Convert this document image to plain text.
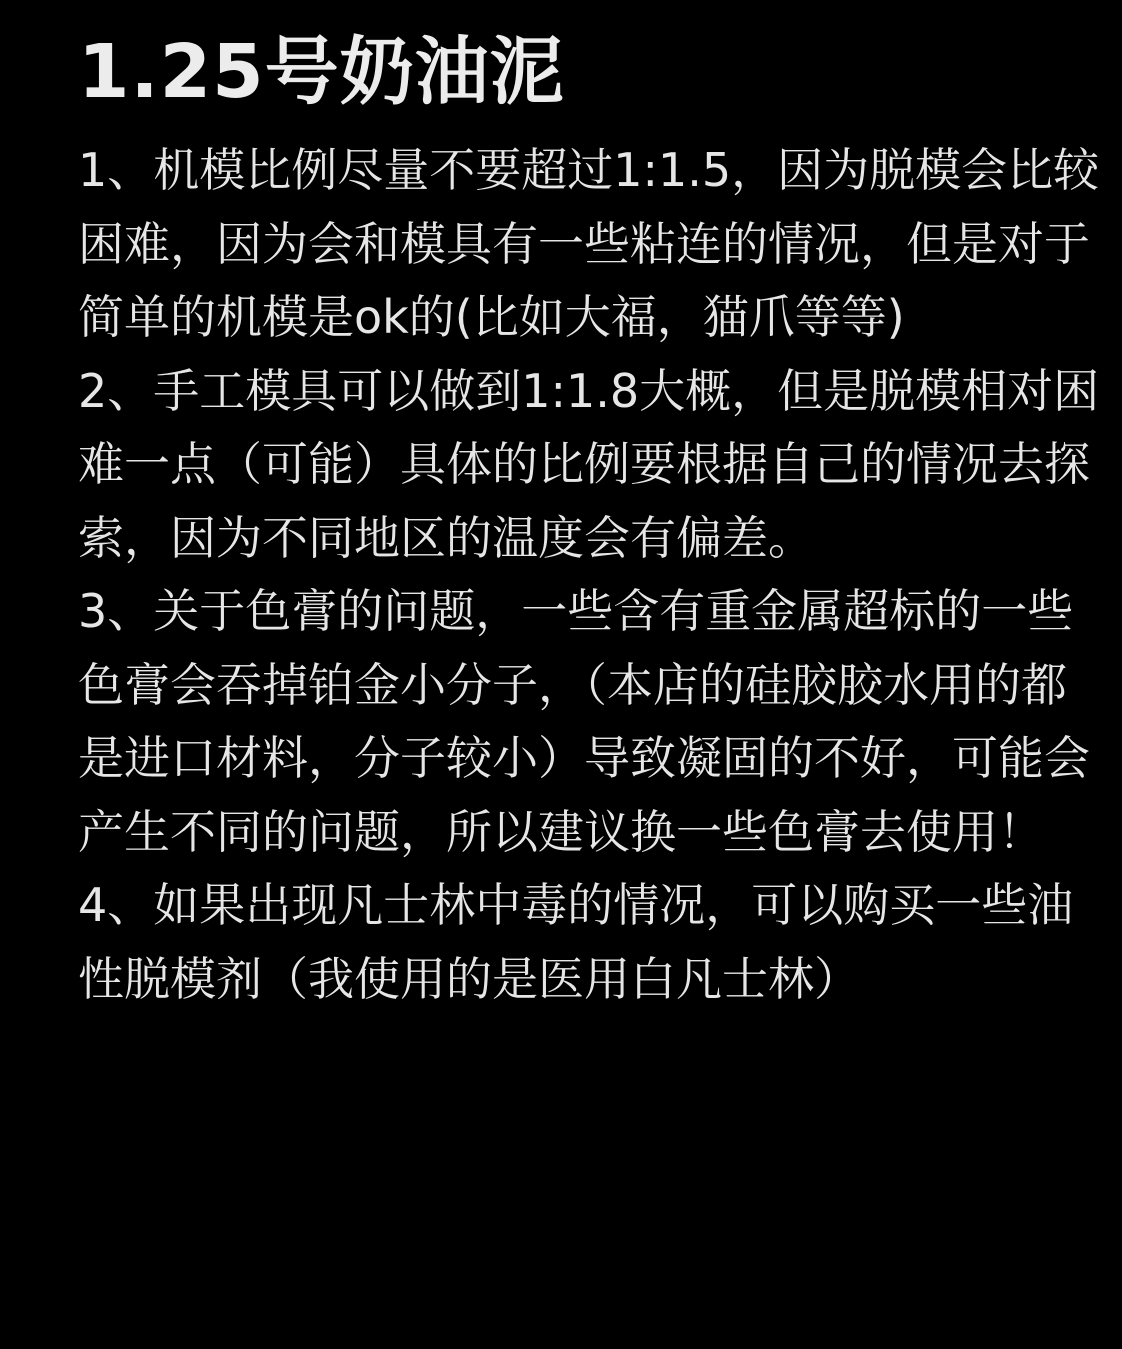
1.25号奶油泥

1、机模比例尽量不要超过1:1.5，因为脱模会比较困难，因为会和模具有一些粘连的情况，但是对于简单的机模是ok的(比如大福，猫爪等等)

2、手工模具可以做到1:1.8大概，但是脱模相对困难一点（可能）具体的比例要根据自己的情况去探索，因为不同地区的温度会有偏差。

3、关于色膏的问题，一些含有重金属超标的一些色膏会吞掉铂金小分子，（本店的硅胶胶水用的都是进口材料，分子较小）导致凝固的不好，可能会产生不同的问题，所以建议换一些色膏去使用！

4、如果出现凡士林中毒的情况，可以购买一些油性脱模剂（我使用的是医用白凡士林）
